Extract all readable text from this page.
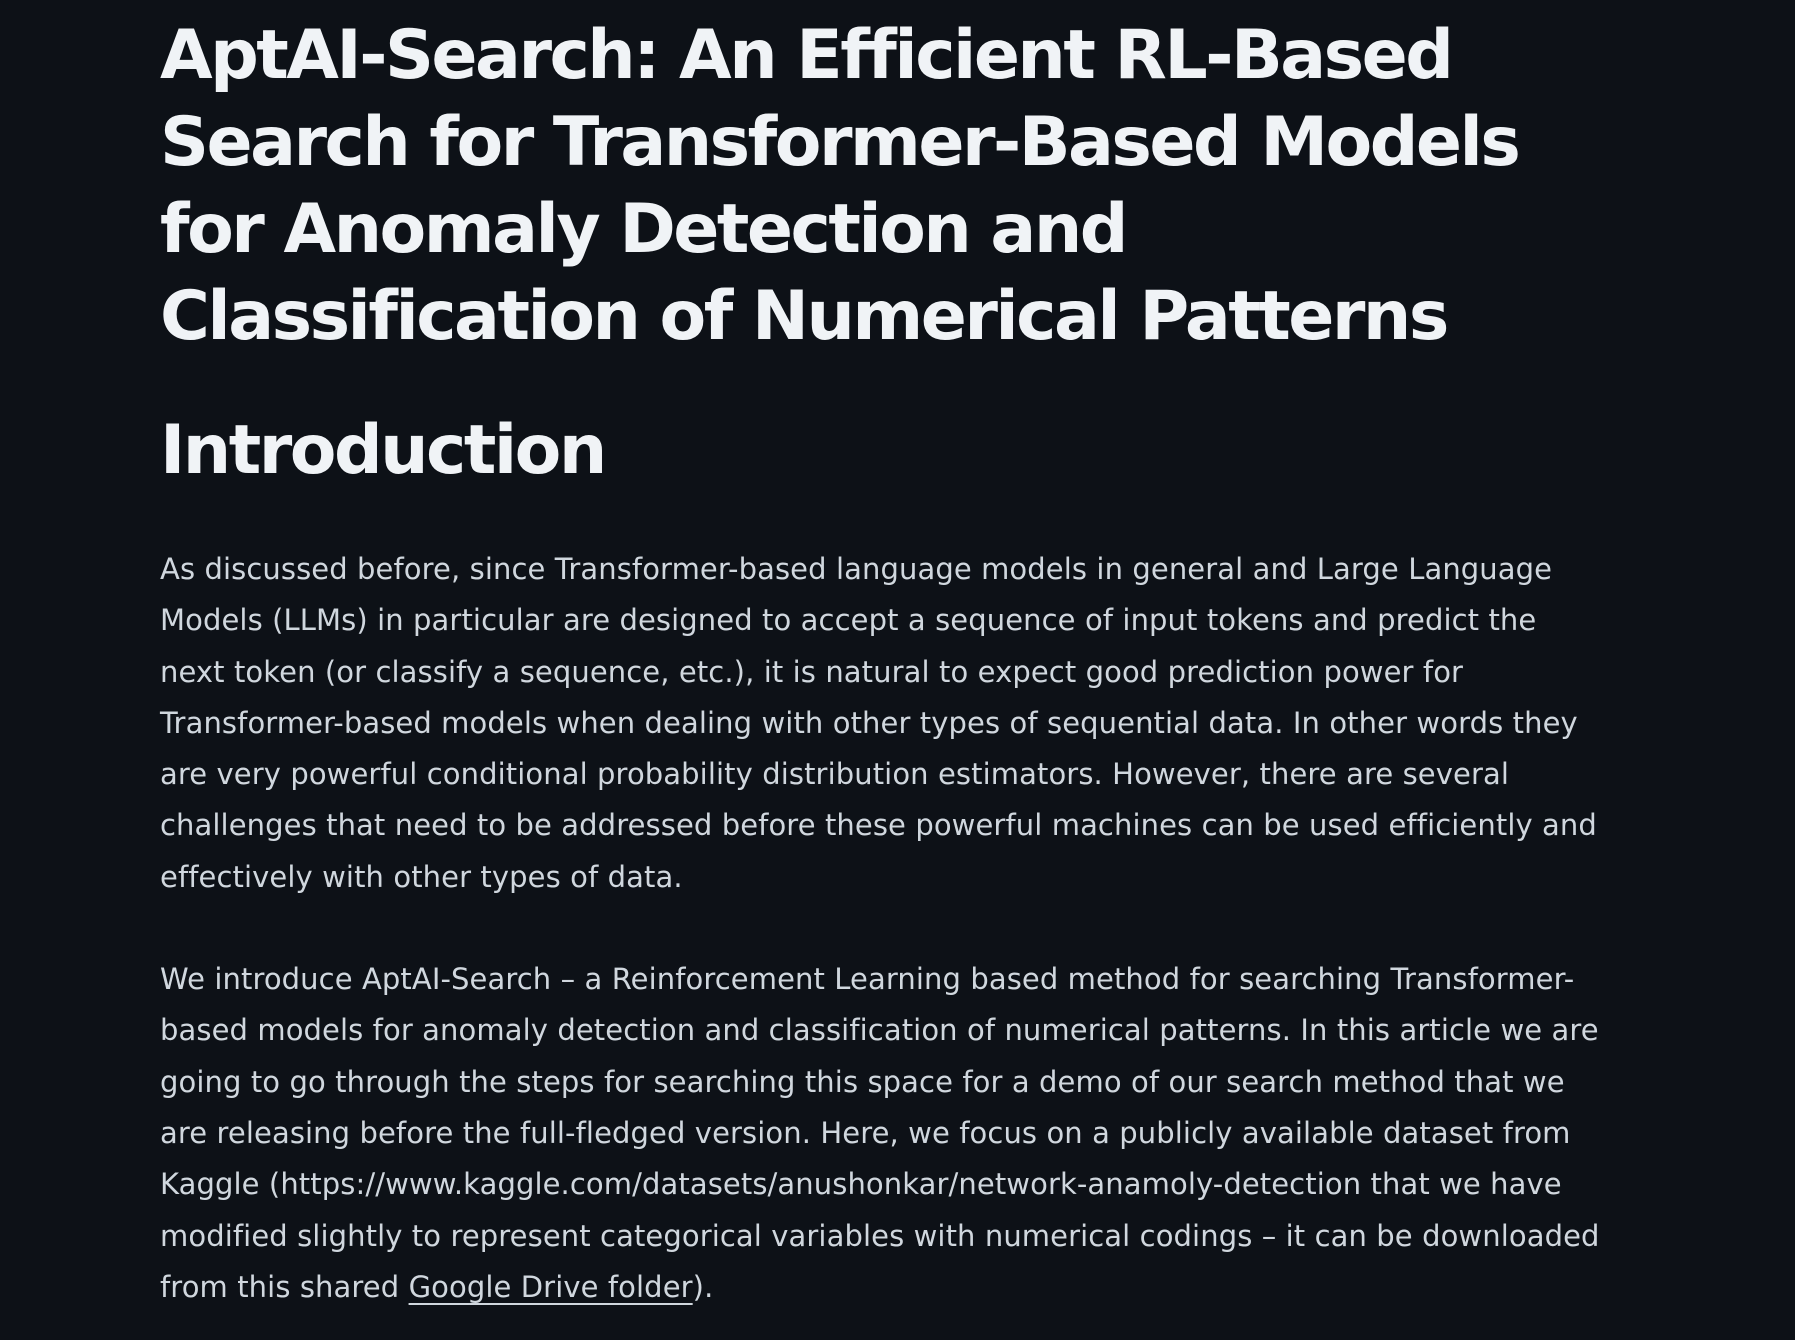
AptAI-Search: An Efficient RL-Based Search for Transformer-Based Models for Anomaly Detection and Classification of Numerical Patterns
Introduction

As discussed before, since Transformer-based language models in general and Large Language Models (LLMs) in particular are designed to accept a sequence of input tokens and predict the next token (or classify a sequence, etc.), it is natural to expect good prediction power for Transformer-based models when dealing with other types of sequential data. In other words they are very powerful conditional probability distribution estimators. However, there are several challenges that need to be addressed before these powerful machines can be used efficiently and effectively with other types of data.

We introduce AptAI-Search – a Reinforcement Learning based method for searching Transformer-based models for anomaly detection and classification of numerical patterns. In this article we are going to go through the steps for searching this space for a demo of our search method that we are releasing before the full-fledged version. Here, we focus on a publicly available dataset from Kaggle (https://www.kaggle.com/datasets/anushonkar/network-anamoly-detection that we have modified slightly to represent categorical variables with numerical codings – it can be downloaded from this shared Google Drive folder).
